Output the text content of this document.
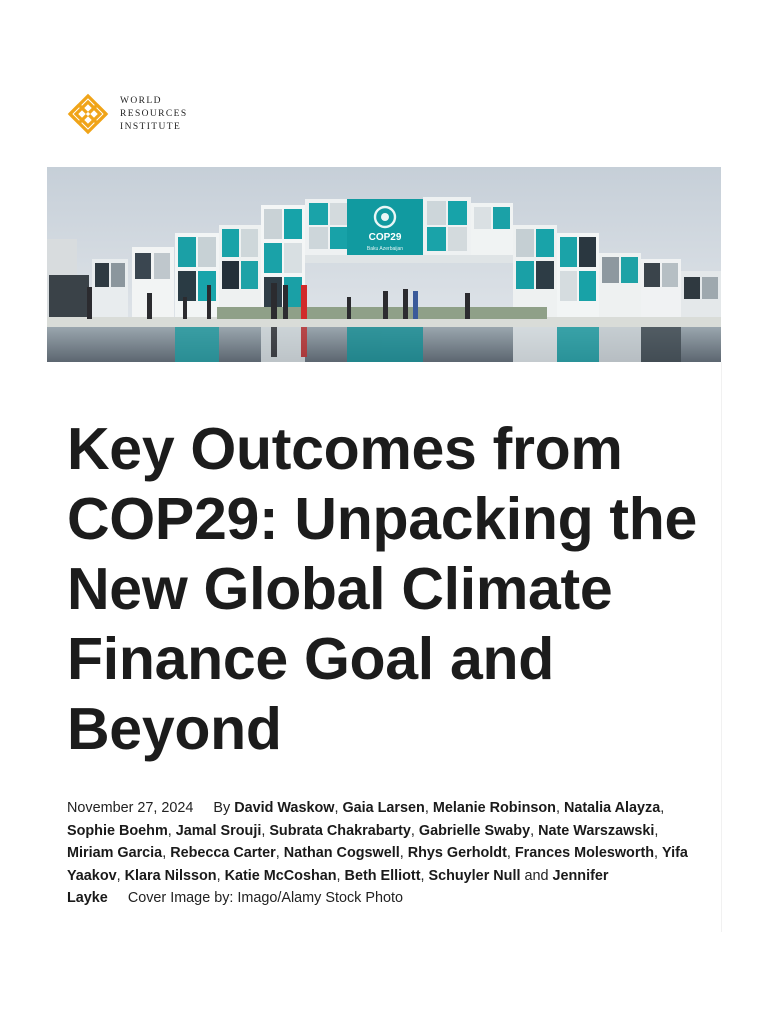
WORLD
RESOURCES
INSTITUTE
COP29
Baku Azerbaijan
Key Outcomes from COP29: Unpacking the New Global Climate Finance Goal and Beyond
November 27, 2024 By David Waskow, Gaia Larsen, Melanie Robinson, Natalia Alayza, Sophie Boehm, Jamal Srouji, Subrata Chakrabarty, Gabrielle Swaby, Nate Warszawski, Miriam Garcia, Rebecca Carter, Nathan Cogswell, Rhys Gerholdt, Frances Molesworth, Yifa Yaakov, Klara Nilsson, Katie McCoshan, Beth Elliott, Schuyler Null and Jennifer Layke Cover Image by: Imago/Alamy Stock Photo
